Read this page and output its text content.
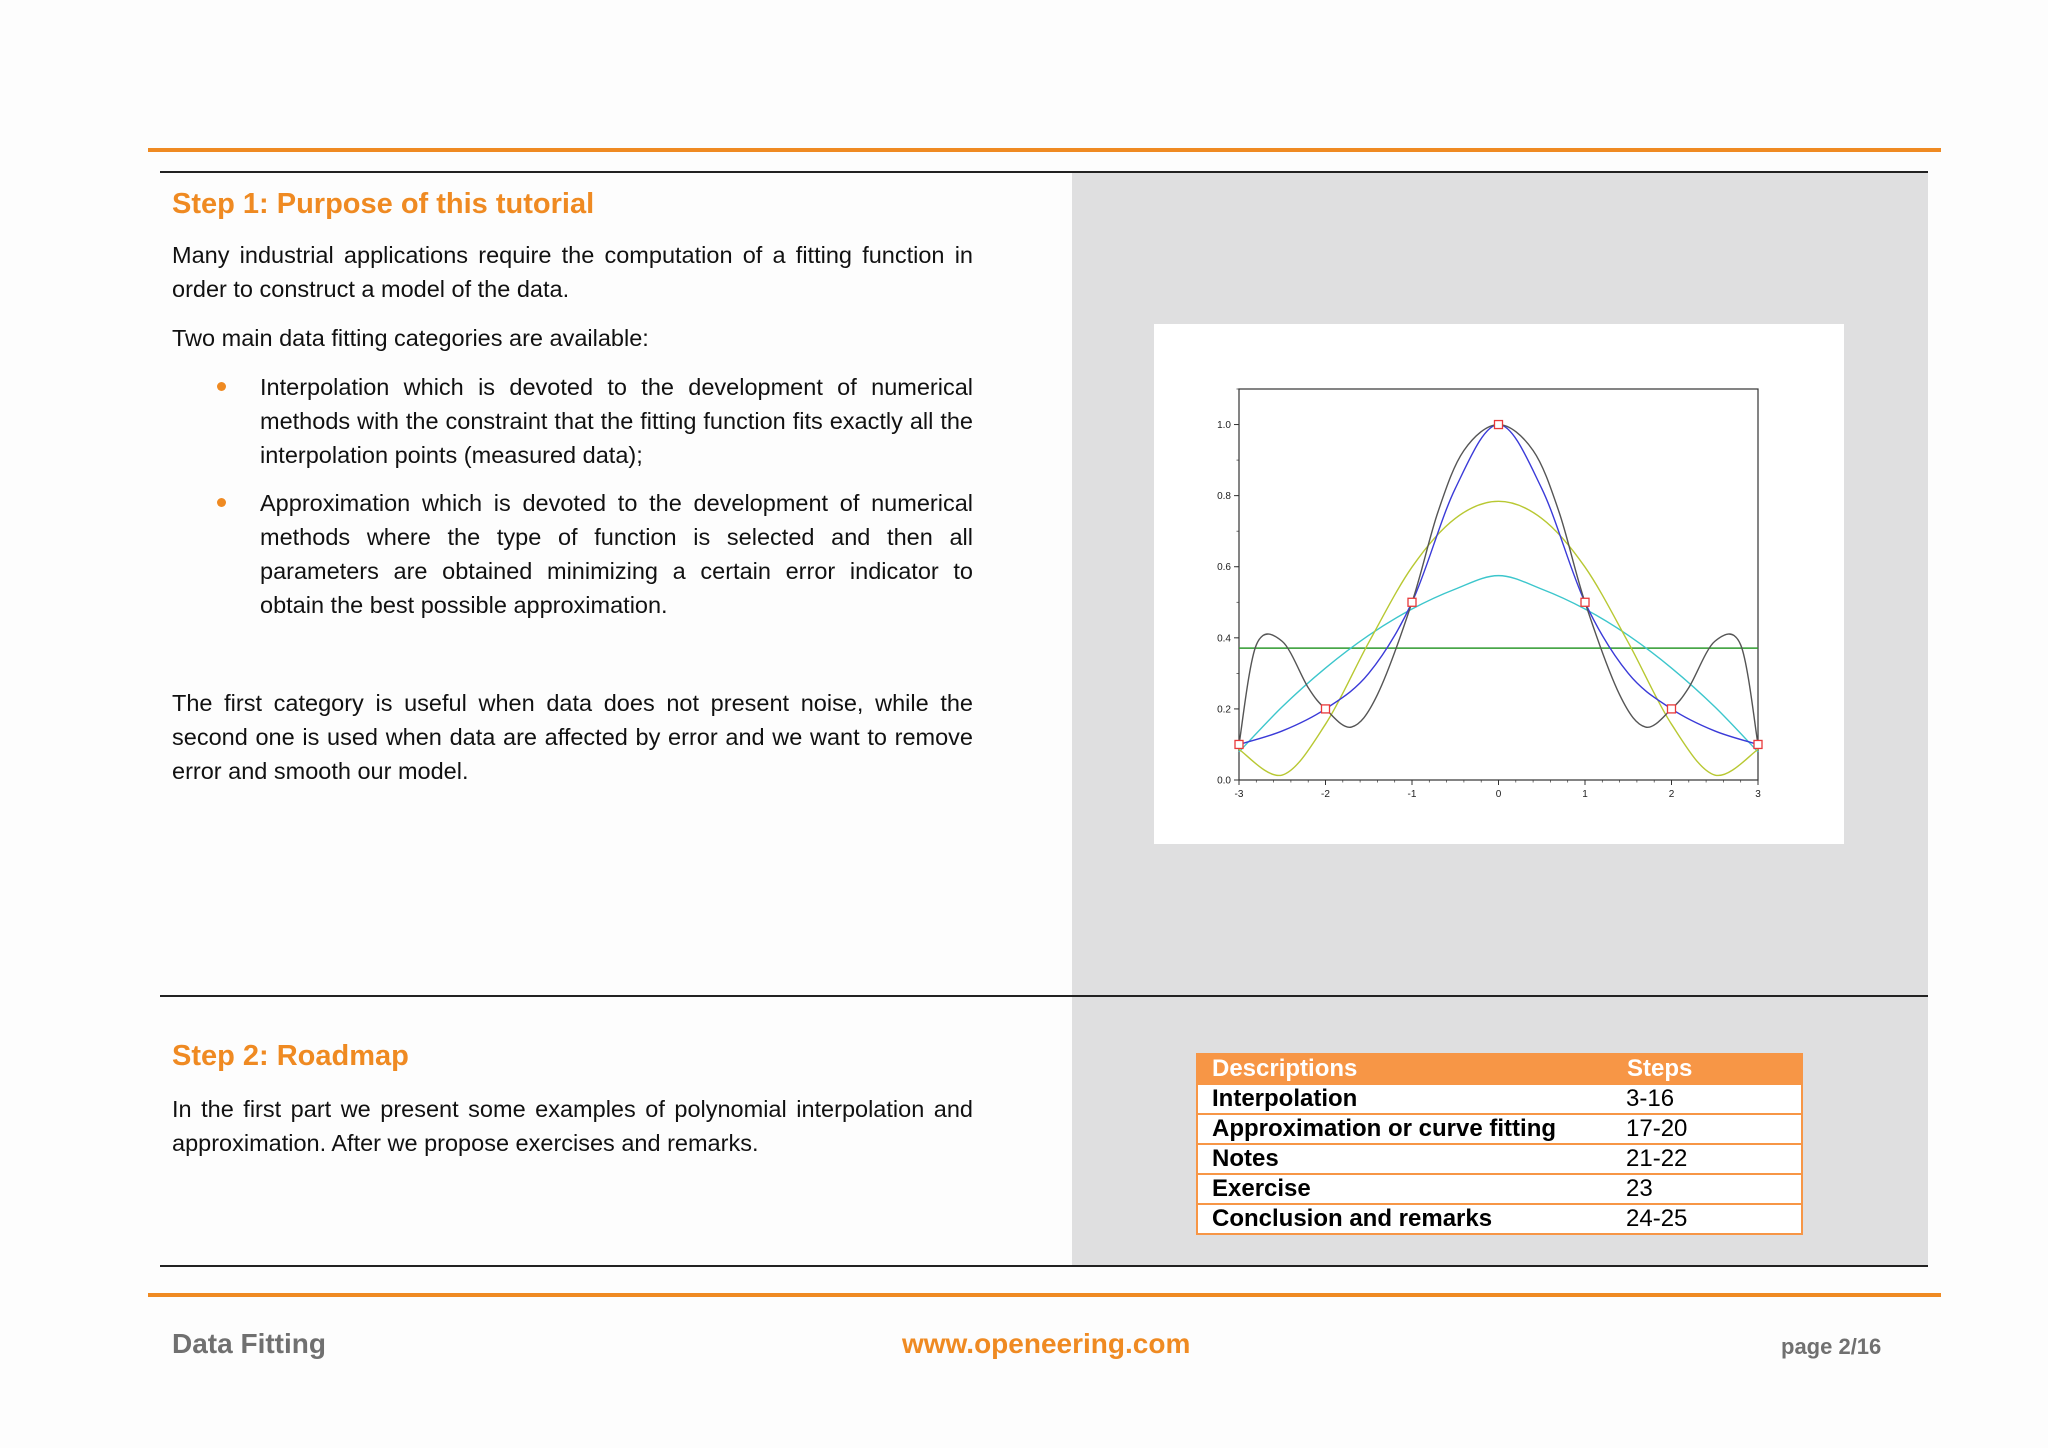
Step 1: Purpose of this tutorial

Many industrial applications require the computation of a fitting function in order to construct a model of the data.

Two main data fitting categories are available:

Interpolation which is devoted to the development of numerical methods with the constraint that the fitting function fits exactly all the interpolation points (measured data);
Approximation which is devoted to the development of numerical methods where the type of function is selected and then all parameters are obtained minimizing a certain error indicator to obtain the best possible approximation.

The first category is useful when data does not present noise, while the second one is used when data are affected by error and we want to remove error and smooth our model.

-3	-2	-1	0	1	2	3
0.0
0.2
0.4
0.6
0.8
1.0
Step 2: Roadmap

In the first part we present some examples of polynomial interpolation and approximation. After we propose exercises and remarks.

Descriptions	Steps
Interpolation	3-16
Approximation or curve fitting	17-20
Notes	21-22
Exercise	23
Conclusion and remarks	24-25
Data Fitting	www.openeering.com	page 2/16
